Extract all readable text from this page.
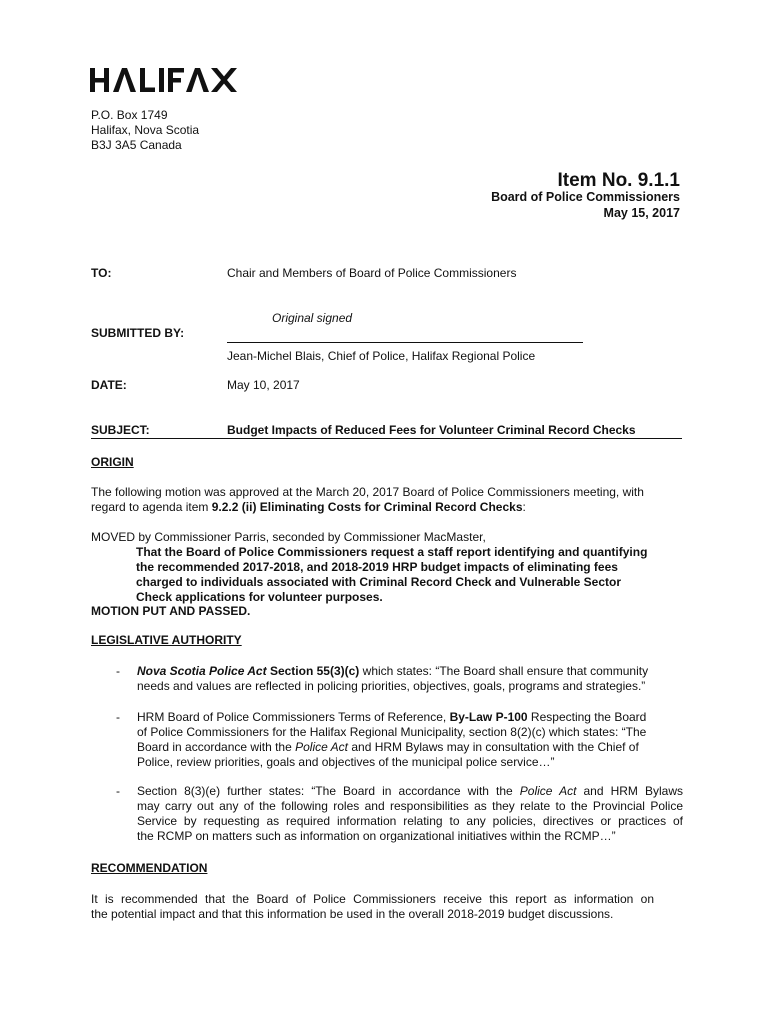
P.O. Box 1749
Halifax, Nova Scotia
B3J 3A5 Canada
Item No. 9.1.1
Board of Police Commissioners
May 15, 2017
TO:	Chair and Members of Board of Police Commissioners
Original signed
SUBMITTED BY:
Jean-Michel Blais, Chief of Police, Halifax Regional Police
DATE:	May 10, 2017
SUBJECT:	Budget Impacts of Reduced Fees for Volunteer Criminal Record Checks
ORIGIN
The following motion was approved at the March 20, 2017 Board of Police Commissioners meeting, with
regard to agenda item 9.2.2 (ii) Eliminating Costs for Criminal Record Checks:
MOVED by Commissioner Parris, seconded by Commissioner MacMaster,
That the Board of Police Commissioners request a staff report identifying and quantifying
the recommended 2017-2018, and 2018-2019 HRP budget impacts of eliminating fees
charged to individuals associated with Criminal Record Check and Vulnerable Sector
Check applications for volunteer purposes.
MOTION PUT AND PASSED.
LEGISLATIVE AUTHORITY
- Nova Scotia Police Act Section 55(3)(c) which states: “The Board shall ensure that community
needs and values are reflected in policing priorities, objectives, goals, programs and strategies.”
- HRM Board of Police Commissioners Terms of Reference, By-Law P-100 Respecting the Board
of Police Commissioners for the Halifax Regional Municipality, section 8(2)(c) which states: “The
Board in accordance with the Police Act and HRM Bylaws may in consultation with the Chief of
Police, review priorities, goals and objectives of the municipal police service…”
- Section 8(3)(e) further states: “The Board in accordance with the Police Act and HRM Bylaws
may carry out any of the following roles and responsibilities as they relate to the Provincial Police
Service by requesting as required information relating to any policies, directives or practices of
the RCMP on matters such as information on organizational initiatives within the RCMP…”
RECOMMENDATION
It is recommended that the Board of Police Commissioners receive this report as information on
the potential impact and that this information be used in the overall 2018-2019 budget discussions.
